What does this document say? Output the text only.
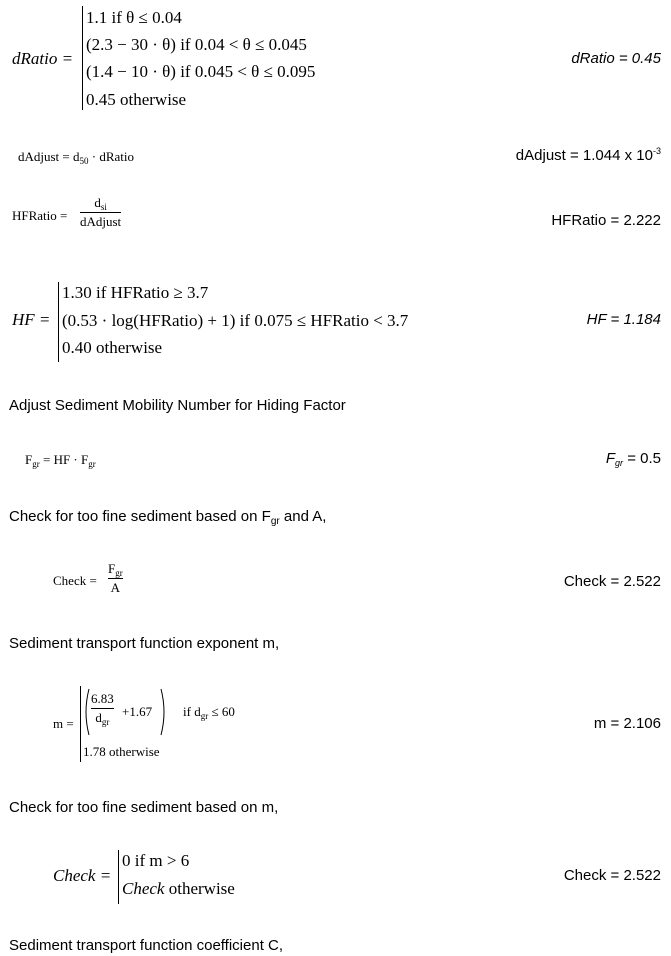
dRatio =
1.1 if θ ≤ 0.04
(2.3 − 30 · θ) if 0.04 < θ ≤ 0.045
(1.4 − 10 · θ) if 0.045 < θ ≤ 0.095
0.45 otherwise
dRatio = 0.45
dAdjust = $d_{50}$ · dRatio	dAdjust = 1.044 x $10^{-3}$
HFRatio =
$d_{si}$
dAdjust	HFRatio = 2.222
HF =
1.30 if HFRatio ≥ 3.7
(0.53 · log(HFRatio) + 1) if 0.075 ≤ HFRatio < 3.7
0.40 otherwise
HF = 1.184
Adjust Sediment Mobility Number for Hiding Factor
$F_{gr}$ = HF · $F_{gr}$	$F_{gr} = 0.5$
Check for too fine sediment based on $F_{gr}$ and A,
Check =
$F_{gr}$
A	Check = 2.522
Sediment transport function exponent m,
m =
6.83
$d_{gr}$
+1.67 if $d_{gr} \le 60$
1.78 otherwise
m = 2.106
Check for too fine sediment based on m,
Check =
0 if m > 6
Check otherwise
Check = 2.522
Sediment transport function coefficient C,
